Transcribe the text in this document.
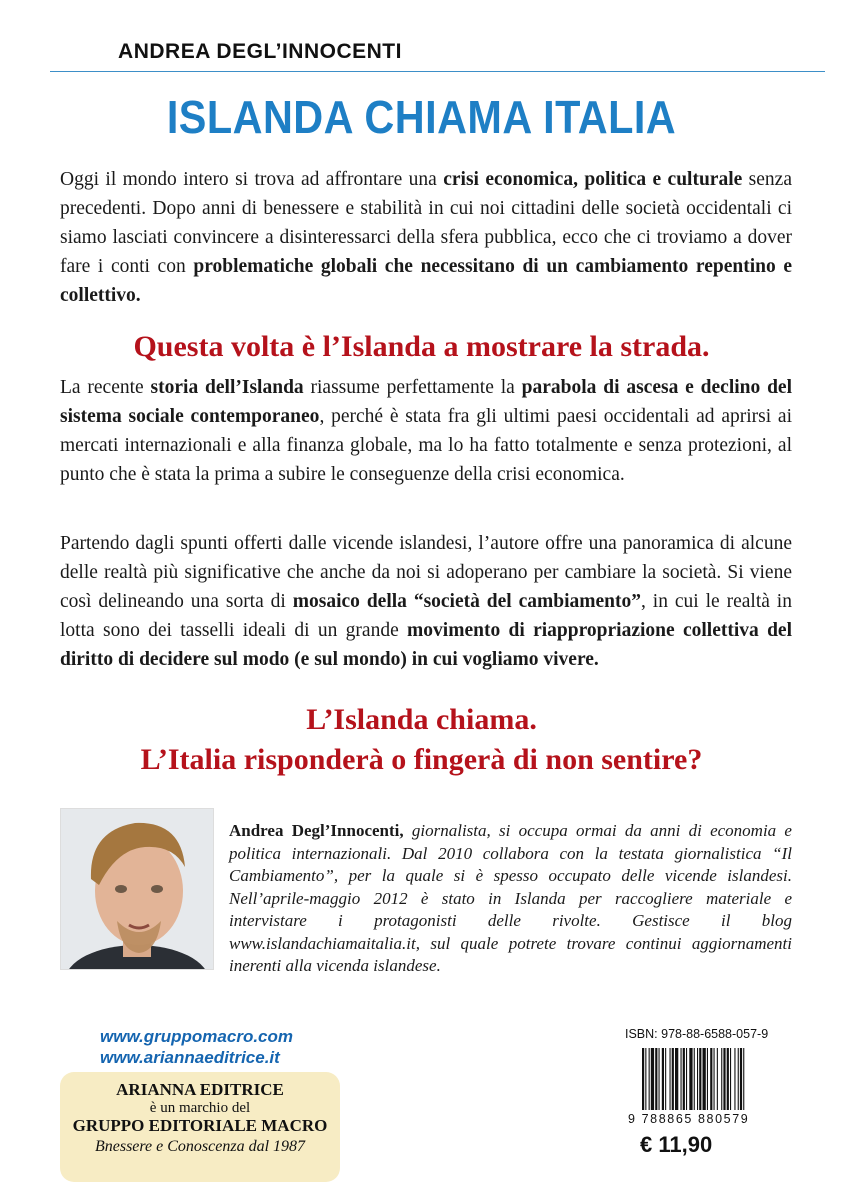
ANDREA DEGL’INNOCENTI
ISLANDA CHIAMA ITALIA
Oggi il mondo intero si trova ad affrontare una crisi economica, politica e culturale senza precedenti. Dopo anni di benessere e stabilità in cui noi cittadini delle società occidentali ci siamo lasciati convincere a disinteressarci della sfera pubblica, ecco che ci troviamo a dover fare i conti con problematiche globali che necessitano di un cambiamento repentino e collettivo.
Questa volta è l’Islanda a mostrare la strada.
La recente storia dell’Islanda riassume perfettamente la parabola di ascesa e declino del sistema sociale contemporaneo, perché è stata fra gli ultimi paesi occidentali ad aprirsi ai mercati internazionali e alla finanza globale, ma lo ha fatto totalmente e senza protezioni, al punto che è stata la prima a subire le conseguenze della crisi economica.
Partendo dagli spunti offerti dalle vicende islandesi, l’autore offre una panoramica di alcune delle realtà più significative che anche da noi si adoperano per cambiare la società. Si viene così delineando una sorta di mosaico della “società del cambiamento”, in cui le realtà in lotta sono dei tasselli ideali di un grande movimento di riappropriazione collettiva del diritto di decidere sul modo (e sul mondo) in cui vogliamo vivere.
L’Islanda chiama.
L’Italia risponderà o fingerà di non sentire?
Andrea Degl’Innocenti, giornalista, si occupa ormai da anni di economia e politica internazionali. Dal 2010 collabora con la testata giornalistica “Il Cambiamento”, per la quale si è spesso occupato delle vicende islandesi. Nell’aprile-maggio 2012 è stato in Islanda per raccogliere materiale e intervistare i protagonisti delle rivolte. Gestisce il blog www.islandachiamaitalia.it, sul quale potrete trovare continui aggiornamenti inerenti alla vicenda islandese.
www.gruppomacro.com
www.ariannaeditrice.it
ARIANNA EDITRICE
è un marchio del
GRUPPO EDITORIALE MACRO
Bnessere e Conoscenza dal 1987
ISBN: 978-88-6588-057-9
9 788865 880579
€ 11,90
